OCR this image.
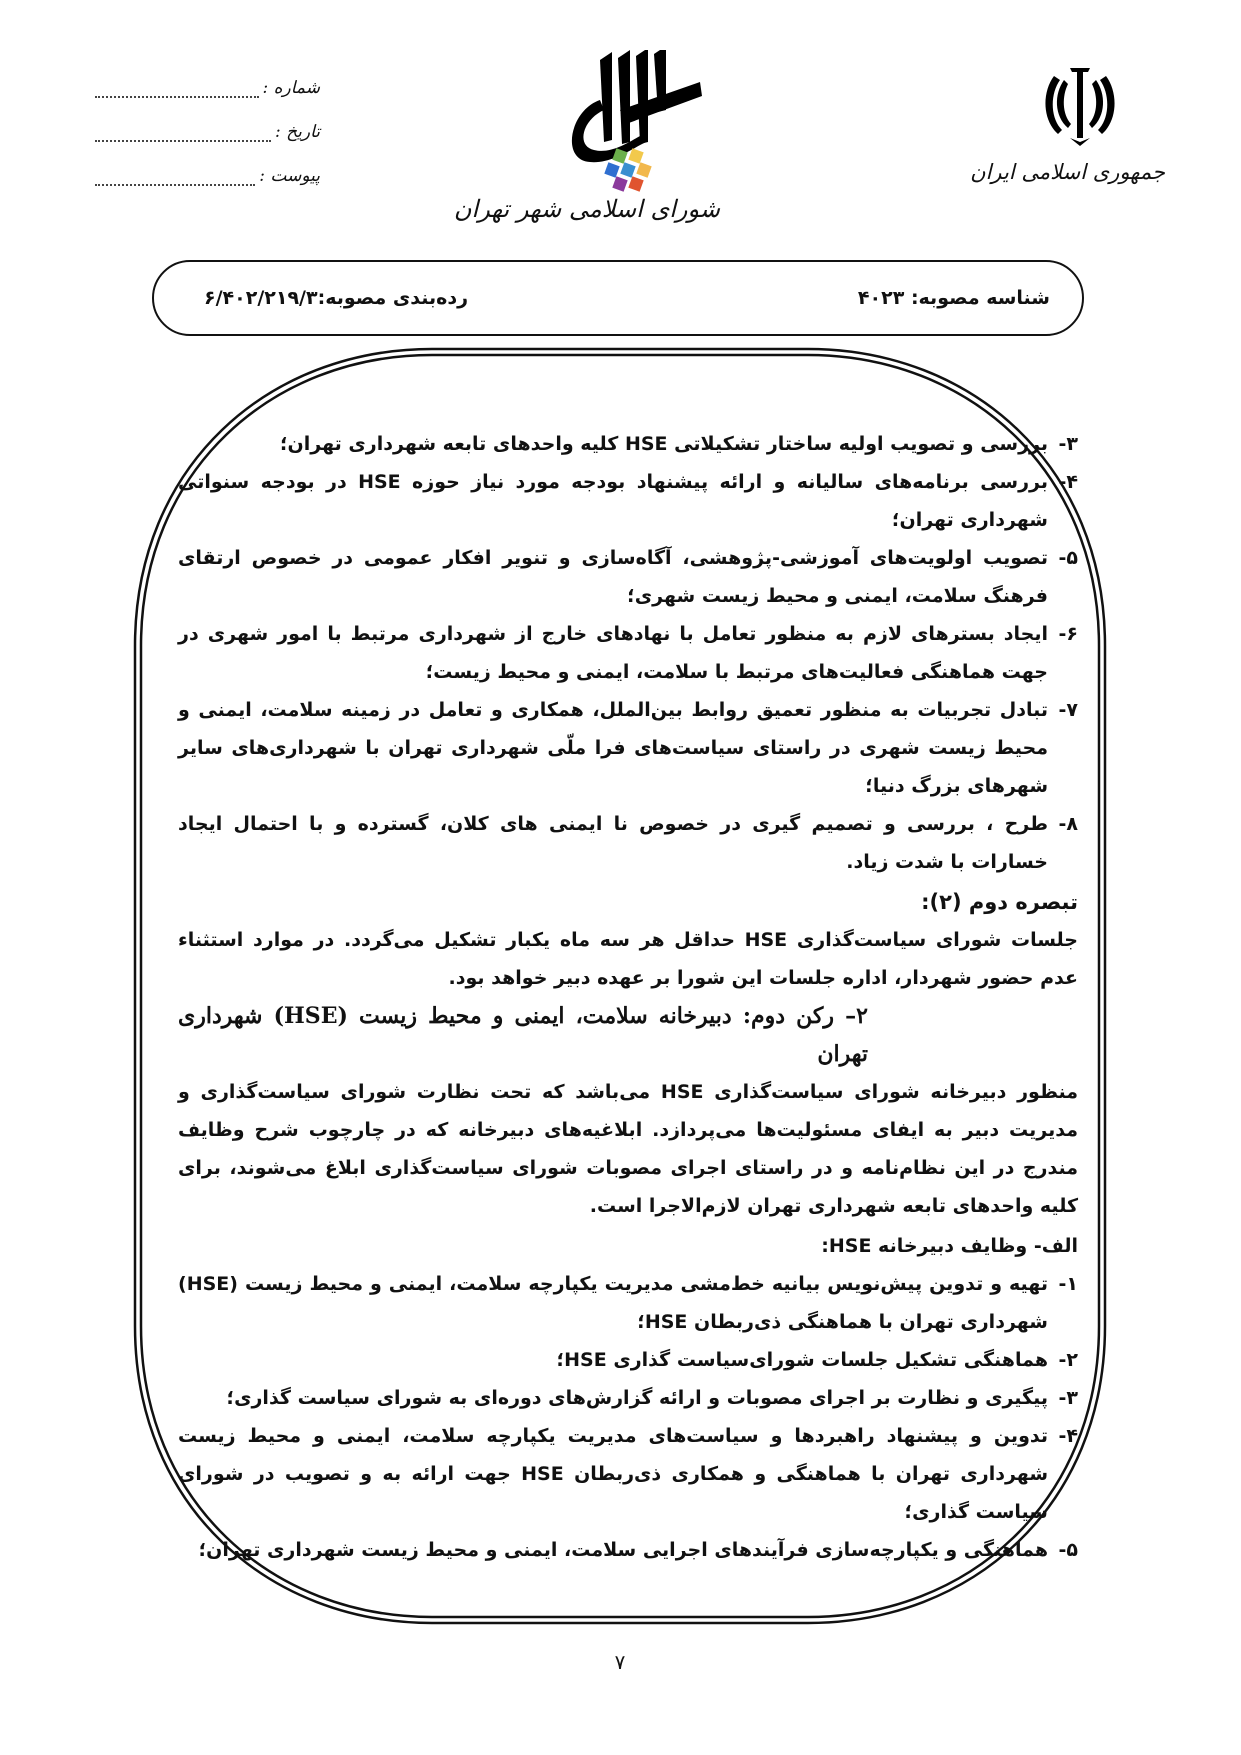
شماره :
تاریخ :
پیوست :
شورای اسلامی شهر تهران
جمهوری اسلامی ایران
شناسه مصوبه: ۴۰۲۳
رده‌بندی مصوبه:۶/۴۰۲/۲۱۹/۳
۳-
بررسی و تصویب اولیه ساختار تشکیلاتی HSE کلیه واحدهای تابعه شهرداری تهران؛
۴-
بررسی برنامه‌های سالیانه و ارائه پیشنهاد بودجه مورد نیاز حوزه HSE در بودجه سنواتی شهرداری تهران؛
۵-
تصویب اولویت‌های آموزشی-پژوهشی، آگاه‌سازی و تنویر افکار عمومی در خصوص ارتقای فرهنگ سلامت، ایمنی و محیط زیست شهری؛
۶-
ایجاد بسترهای لازم به منظور تعامل با نهادهای خارج از شهرداری مرتبط با امور شهری در جهت هماهنگی فعالیت‌های مرتبط با سلامت، ایمنی و محیط زیست؛
۷-
تبادل تجربیات به منظور تعمیق روابط بین‌الملل، همکاری و تعامل در زمینه سلامت، ایمنی و محیط زیست شهری در راستای سیاست‌های فرا ملّی شهرداری تهران با شهرداری‌های سایر شهرهای بزرگ دنیا؛
۸-
طرح ، بررسی و تصمیم گیری در خصوص نا ایمنی های کلان، گسترده و با احتمال ایجاد خسارات با شدت زیاد.
تبصره دوم (۲):
جلسات شورای سیاست‌گذاری HSE حداقل هر سه ماه یکبار تشکیل می‌گردد. در موارد استثناء عدم حضور شهردار، اداره جلسات این شورا بر عهده دبیر خواهد بود.
۲– رکن دوم: دبیرخانه سلامت، ایمنی و محیط زیست (HSE) شهرداری تهران
منظور دبیرخانه شورای سیاست‌گذاری HSE می‌باشد که تحت نظارت شورای سیاست‌گذاری و مدیریت دبیر به ایفای مسئولیت‌ها می‌پردازد. ابلاغیه‌های دبیرخانه که در چارچوب شرح وظایف مندرج در این نظام‌نامه و در راستای اجرای مصوبات شورای سیاست‌گذاری ابلاغ می‌شوند، برای کلیه واحدهای تابعه شهرداری تهران لازم‌الاجرا است.
الف- وظایف دبیرخانه HSE:
۱-
تهیه و تدوین پیش‌نویس بیانیه خط‌مشی مدیریت یکپارچه سلامت، ایمنی و محیط زیست (HSE) شهرداری تهران با هماهنگی ذی‌ربطان HSE؛
۲-
هماهنگی تشکیل جلسات شورای‌سیاست گذاری HSE؛
۳-
پیگیری و نظارت بر اجرای مصوبات و ارائه گزارش‌های دوره‌ای به شورای سیاست گذاری؛
۴-
تدوین و پیشنهاد راهبردها و سیاست‌های مدیریت یکپارچه سلامت، ایمنی و محیط زیست شهرداری تهران با هماهنگی و همکاری ذی‌ربطان HSE جهت ارائه به و تصویب در شورای سیاست گذاری؛
۵-
هماهنگی و یکپارچه‌سازی فرآیندهای اجرایی سلامت، ایمنی و محیط زیست شهرداری تهران؛
۷
